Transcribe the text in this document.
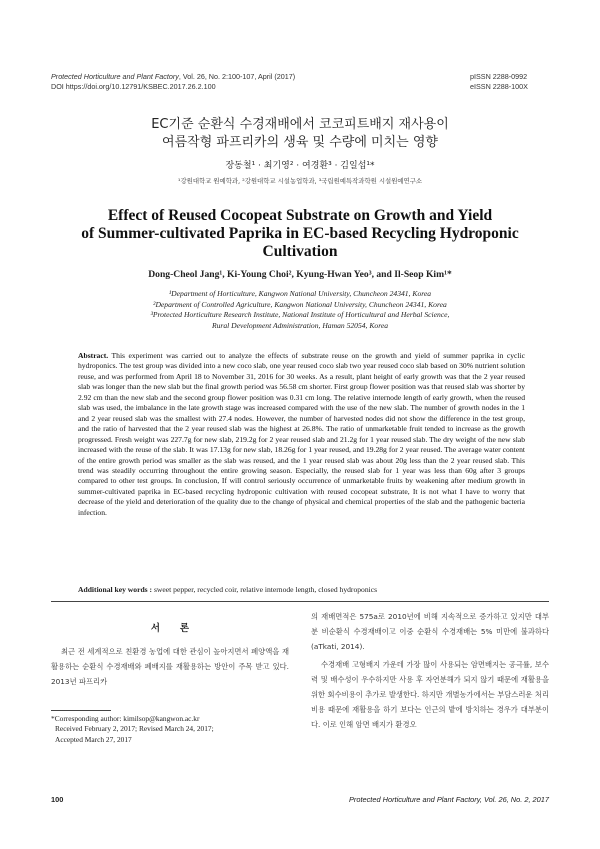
Protected Horticulture and Plant Factory, Vol. 26, No. 2:100-107, April (2017)
DOI https://doi.org/10.12791/KSBEC.2017.26.2.100
pISSN 2288-0992
eISSN 2288-100X
EC기준 순환식 수경재배에서 코코피트배지 재사용이
여름작형 파프리카의 생육 및 수량에 미치는 영향
장동철¹ · 최기영² · 여경환³ · 김일섭¹*
¹강원대학교 원예학과, ²강원대학교 시설농업학과, ³국립원예특작과학원 시설원예연구소
Effect of Reused Cocopeat Substrate on Growth and Yield
of Summer-cultivated Paprika in EC-based Recycling Hydroponic
Cultivation
Dong-Cheol Jang¹, Ki-Young Choi², Kyung-Hwan Yeo³, and Il-Seop Kim¹*
¹Department of Horticulture, Kangwon National University, Chuncheon 24341, Korea
²Department of Controlled Agriculture, Kangwon National University, Chuncheon 24341, Korea
³Protected Horticulture Research Institute, National Institute of Horticultural and Herbal Science,
Rural Development Administration, Haman 52054, Korea
Abstract. This experiment was carried out to analyze the effects of substrate reuse on the growth and yield of summer paprika in cyclic hydroponics. The test group was divided into a new coco slab, one year reused coco slab two year reused coco slab based on 30% nutrient solution reuse, and was performed from April 18 to November 31, 2016 for 30 weeks. As a result, plant height of early growth was that the 2 year reused slab was longer than the new slab but the final growth period was 56.58 cm shorter. First group flower position was that reused slab was shorter by 2.92 cm than the new slab and the second group flower position was 0.31 cm long. The relative internode length of early growth, when the reused slab was used, the imbalance in the late growth stage was increased compared with the use of the new slab. The number of growth nodes in the 1 and 2 year reused slab was the smallest with 27.4 nodes. However, the number of harvested nodes did not show the difference in the test group, and the ratio of harvested that the 2 year reused slab was the highest at 26.8%. The ratio of unmarketable fruit tended to increase as the growth progressed. Fresh weight was 227.7g for new slab, 219.2g for 2 year reused slab and 21.2g for 1 year reused slab. The dry weight of the new slab increased with the reuse of the slab. It was 17.13g for new slab, 18.26g for 1 year reused, and 19.28g for 2 year reused. The average water content of the entire growth period was smaller as the slab was reused, and the 1 year reused slab was about 20g less than the 2 year reused slab. This trend was steadily occurring throughout the entire growing season. Especially, the reused slab for 1 year was less than 60g after 3 groups compared to other test groups. In conclusion, If will control seriously occurrence of unmarketable fruits by weakening after medium growth in summer-cultivated paprika in EC-based recycling hydroponic cultivation with reused cocopeat substrate, It is not what I have to worry that decrease of the yield and deterioration of the quality due to the change of physical and chemical properties of the slab and the pathogenic bacteria infection.
Additional key words : sweet pepper, recycled coir, relative internode length, closed hydroponics
서      론
최근 전 세계적으로 친환경 농업에 대한 관심이 높아지면서 폐양액을 재활용하는 순환식 수경재배와 폐배지를 재활용하는 방안이 주목 받고 있다. 2013년 파프리카
*Corresponding author: kimilsop@kangwon.ac.kr
Received February 2, 2017; Revised March 24, 2017;
Accepted March 27, 2017
의 재배면적은 575a로 2010년에 비해 지속적으로 증가하고 있지만 대부분 비순환식 수경재배이고 이중 순환식 수경재배는 5% 미만에 불과하다(aTkati, 2014).
수경재배 고형배지 가운데 가장 많이 사용되는 암면배지는 공극률, 보수력 및 배수성이 우수하지만 사용 후 자연분해가 되지 않기 때문에 재활용을 위한 회수비용이 추가로 발생한다. 하지만 개별농가에서는 부담스러운 처리비용 때문에 재활용을 하기 보다는 인근의 밭에 방치하는 경우가 대부분이다. 이로 인해 암면 배지가 환경오
100	Protected Horticulture and Plant Factory, Vol. 26, No. 2, 2017
